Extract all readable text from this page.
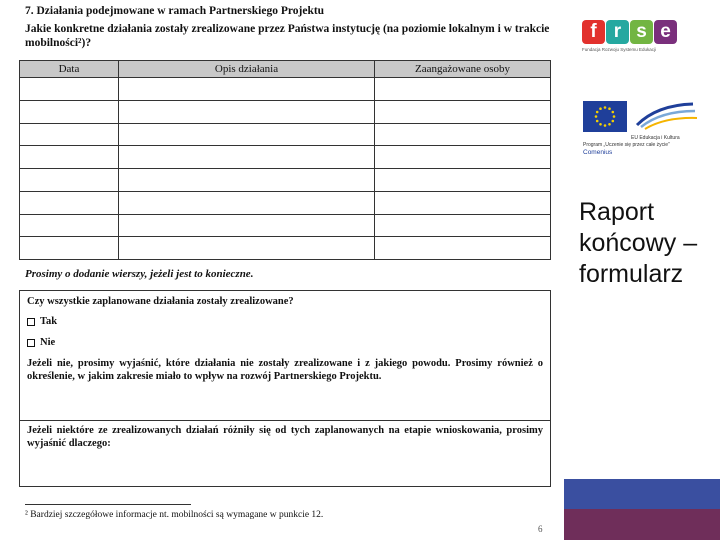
7. Działania podejmowane w ramach Partnerskiego Projektu
Jakie konkretne działania zostały zrealizowane przez Państwa instytucję (na poziomie lokalnym i w trakcie mobilności²)?
Data	Opis działania	Zaangażowane osoby

Prosimy o dodanie wierszy, jeżeli jest to konieczne.
Czy wszystkie zaplanowane działania zostały zrealizowane?
Tak
Nie
Jeżeli nie, prosimy wyjaśnić, które działania nie zostały zrealizowane i z jakiego powodu. Prosimy również o określenie, w jakim zakresie miało to wpływ na rozwój Partnerskiego Projektu.
Jeżeli niektóre ze zrealizowanych działań różniły się od tych zaplanowanych na etapie wnioskowania, prosimy wyjaśnić dlaczego:
² Bardziej szczegółowe informacje nt. mobilności są wymagane w punkcie 12.
6
f r s e
Fundacja Rozwoju Systemu Edukacji
EU Edukacja i Kultura
Program „Uczenie się przez całe życie”
Comenius
Raport
końcowy –
formularz
